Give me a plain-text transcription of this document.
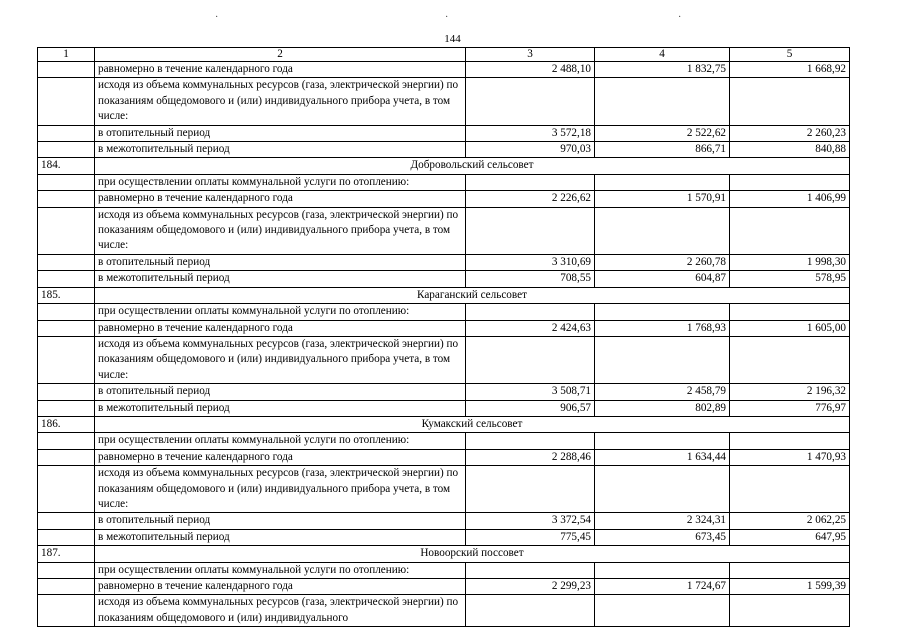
·	·	·
144
1	2	3	4	5
	равномерно в течение календарного года	2 488,10	1 832,75	1 668,92
	исходя из объема коммунальных ресурсов (газа, электрической энергии) по показаниям общедомового и (или) индивидуального прибора учета, в том числе:			
	в отопительный период	3 572,18	2 522,62	2 260,23
	в межотопительный период	970,03	866,71	840,88
184.	Добровольский сельсовет			
	при осуществлении оплаты коммунальной услуги по отоплению:			
	равномерно в течение календарного года	2 226,62	1 570,91	1 406,99
	исходя из объема коммунальных ресурсов (газа, электрической энергии) по показаниям общедомового и (или) индивидуального прибора учета, в том числе:			
	в отопительный период	3 310,69	2 260,78	1 998,30
	в межотопительный период	708,55	604,87	578,95
185.	Караганский сельсовет			
	при осуществлении оплаты коммунальной услуги по отоплению:			
	равномерно в течение календарного года	2 424,63	1 768,93	1 605,00
	исходя из объема коммунальных ресурсов (газа, электрической энергии) по показаниям общедомового и (или) индивидуального прибора учета, в том числе:			
	в отопительный период	3 508,71	2 458,79	2 196,32
	в межотопительный период	906,57	802,89	776,97
186.	Кумакский сельсовет			
	при осуществлении оплаты коммунальной услуги по отоплению:			
	равномерно в течение календарного года	2 288,46	1 634,44	1 470,93
	исходя из объема коммунальных ресурсов (газа, электрической энергии) по показаниям общедомового и (или) индивидуального прибора учета, в том числе:			
	в отопительный период	3 372,54	2 324,31	2 062,25
	в межотопительный период	775,45	673,45	647,95
187.	Новоорский поссовет			
	при осуществлении оплаты коммунальной услуги по отоплению:			
	равномерно в течение календарного года	2 299,23	1 724,67	1 599,39
	исходя из объема коммунальных ресурсов (газа, электрической энергии) по показаниям общедомового и (или) индивидуального			
